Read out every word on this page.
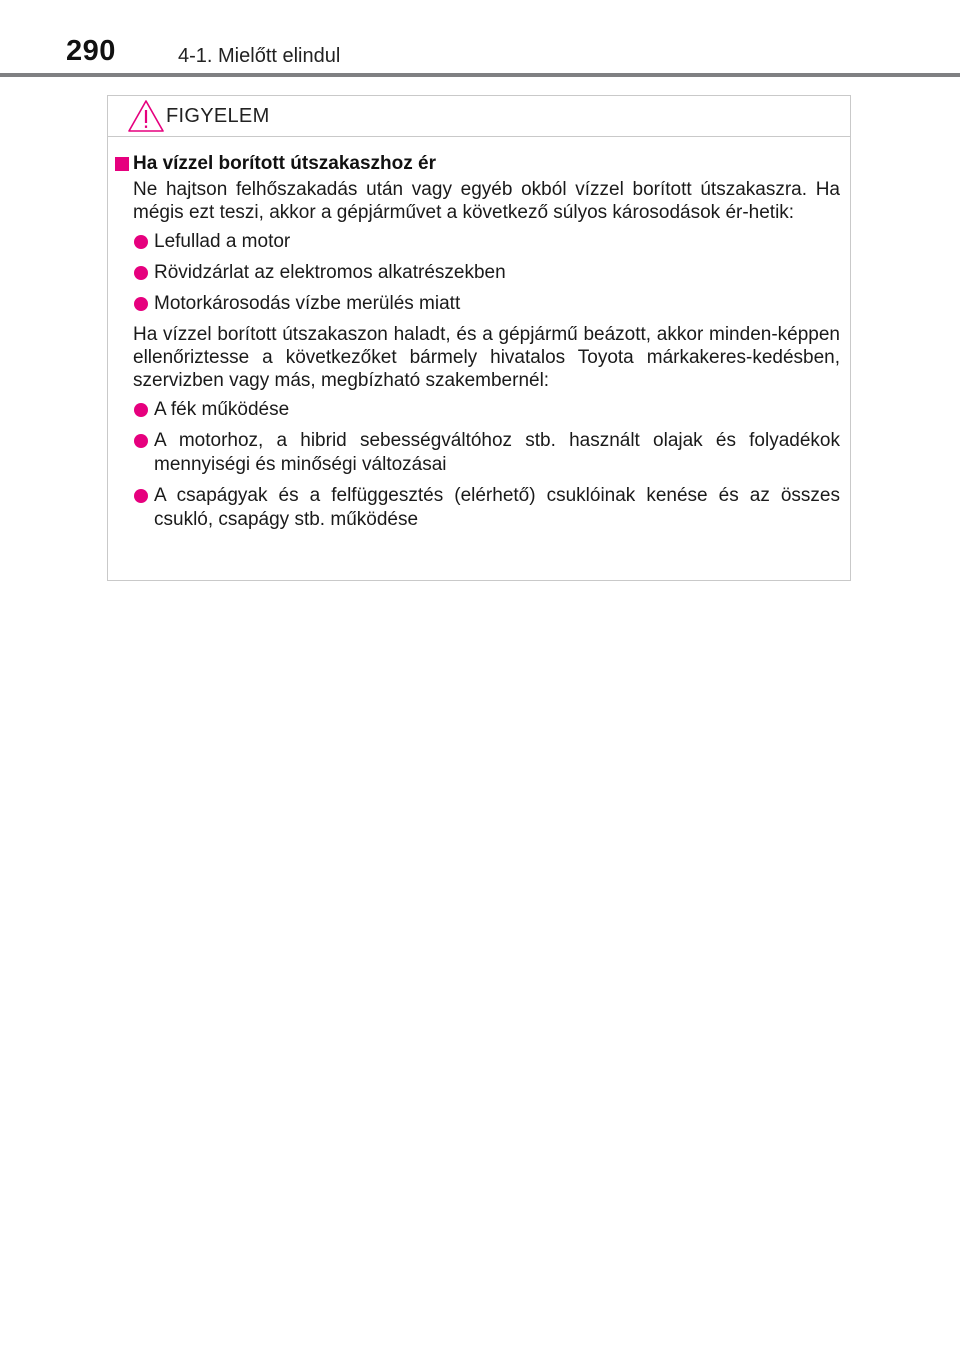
290	4-1. Mielőtt elindul
FIGYELEM
Ha vízzel borított útszakaszhoz ér

Ne hajtson felhőszakadás után vagy egyéb okból vízzel borított útszakaszra. Ha mégis ezt teszi, akkor a gépjárművet a következő súlyos károsodások ér-hetik:

Lefullad a motor
Rövidzárlat az elektromos alkatrészekben
Motorkárosodás vízbe merülés miatt

Ha vízzel borított útszakaszon haladt, és a gépjármű beázott, akkor minden-képpen ellenőriztesse a következőket bármely hivatalos Toyota márkakeres-kedésben, szervizben vagy más, megbízható szakembernél:

A fék működése
A motorhoz, a hibrid sebességváltóhoz stb. használt olajak és folyadékok mennyiségi és minőségi változásai
A csapágyak és a felfüggesztés (elérhető) csuklóinak kenése és az összes csukló, csapágy stb. működése
